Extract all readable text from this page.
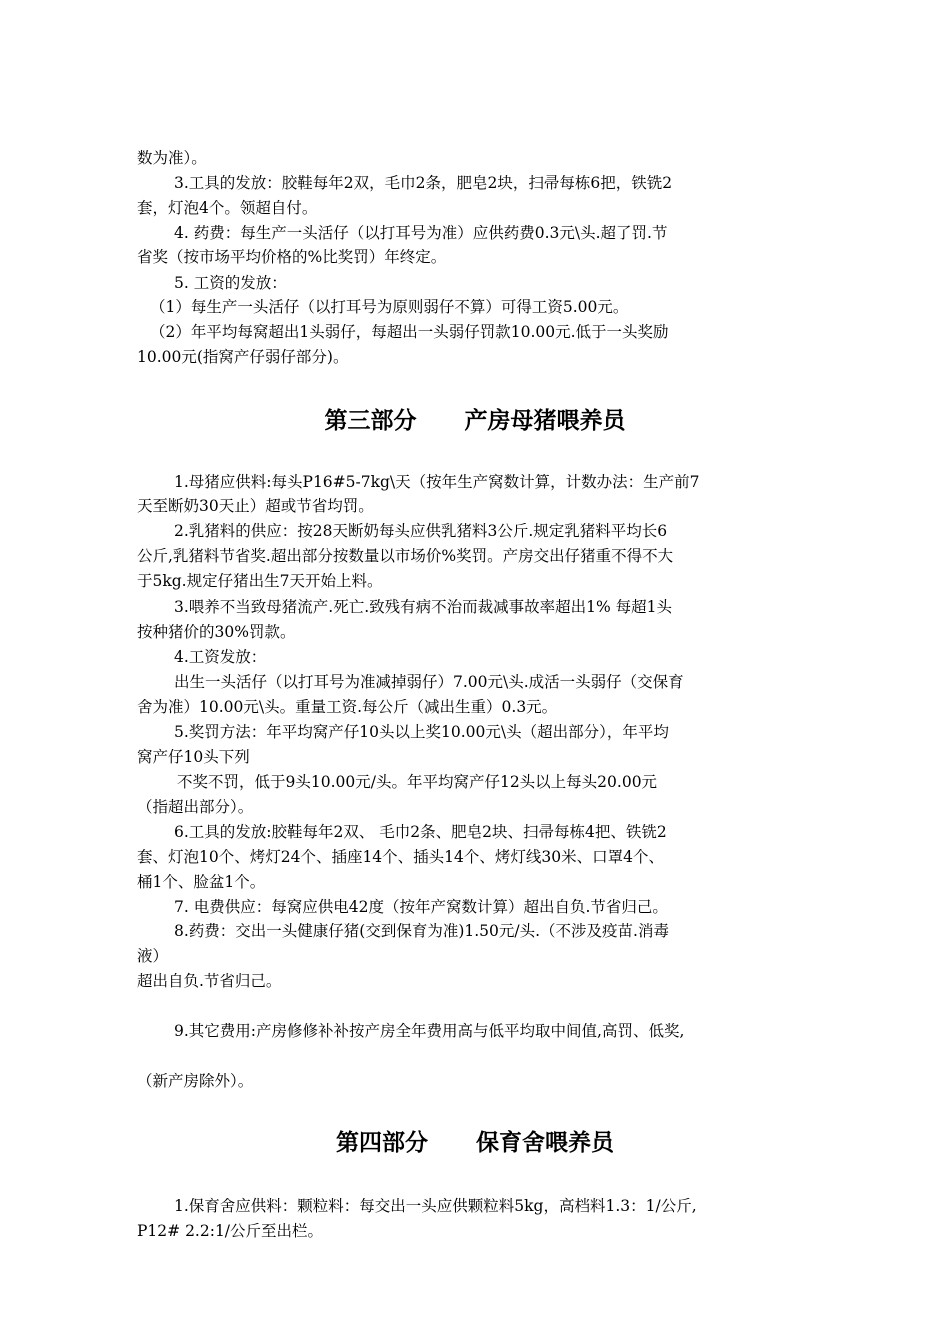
数为准）。
3.工具的发放：胶鞋每年2双，毛巾2条，肥皂2块，扫帚每栋6把，铁铣2
套，灯泡4个。领超自付。
4. 药费：每生产一头活仔（以打耳号为准）应供药费0.3元\头.超了罚.节
省奖（按市场平均价格的%比奖罚）年终定。
5. 工资的发放：
（1）每生产一头活仔（以打耳号为原则弱仔不算）可得工资5.00元。
（2）年平均每窝超出1头弱仔，每超出一头弱仔罚款10.00元.低于一头奖励
10.00元(指窝产仔弱仔部分)。
第三部分      产房母猪喂养员
1.母猪应供料:每头P16#5-7kg\天（按年生产窝数计算，计数办法：生产前7
天至断奶30天止）超或节省均罚。
2.乳猪料的供应：按28天断奶每头应供乳猪料3公斤.规定乳猪料平均长6
公斤,乳猪料节省奖.超出部分按数量以市场价%奖罚。产房交出仔猪重不得不大
于5kg.规定仔猪出生7天开始上料。
3.喂养不当致母猪流产.死亡.致残有病不治而裁减事故率超出1% 每超1头
按种猪价的30%罚款。
4.工资发放：
出生一头活仔（以打耳号为准减掉弱仔）7.00元\头.成活一头弱仔（交保育
舍为准）10.00元\头。重量工资.每公斤（减出生重）0.3元。
5.奖罚方法：年平均窝产仔10头以上奖10.00元\头（超出部分），年平均
窝产仔10头下列
不奖不罚，低于9头10.00元/头。年平均窝产仔12头以上每头20.00元
（指超出部分）。
6.工具的发放:胶鞋每年2双、 毛巾2条、肥皂2块、扫帚每栋4把、铁铣2
套、灯泡10个、烤灯24个、插座14个、插头14个、烤灯线30米、口罩4个、
桶1个、脸盆1个。
7. 电费供应：每窝应供电42度（按年产窝数计算）超出自负.节省归己。
8.药费：交出一头健康仔猪(交到保育为准)1.50元/头.（不涉及疫苗.消毒
液）
超出自负.节省归己。
9.其它费用:产房修修补补按产房全年费用高与低平均取中间值,高罚、低奖,
（新产房除外）。
第四部分      保育舍喂养员
1.保育舍应供料：颗粒料：每交出一头应供颗粒料5kg，高档料1.3：1/公斤,
P12# 2.2:1/公斤至出栏。
